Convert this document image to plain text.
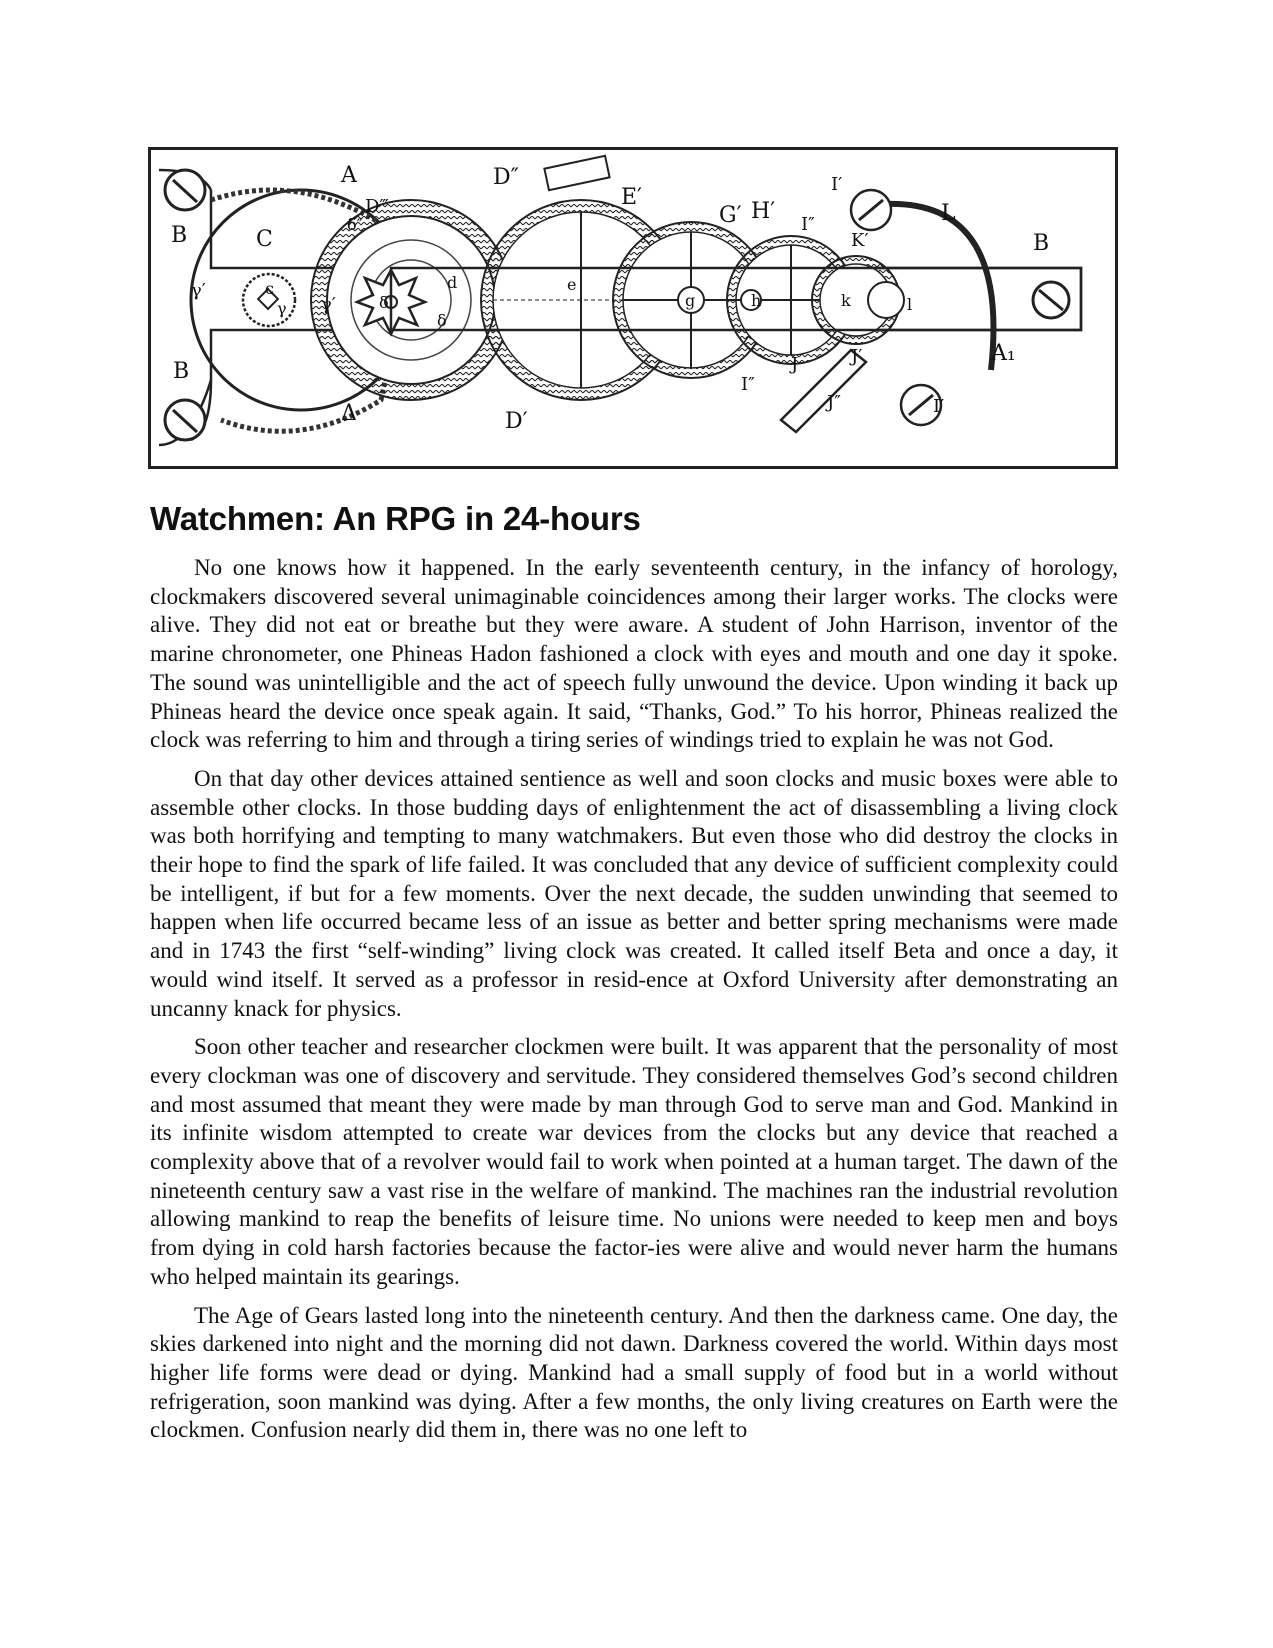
A
B
B
B
C
D″
D‴
D′
E′
G′ H′
I″
I′
I″
I′
K′
L
J	J′
J″
A₁
Δ
δ″
δ′
δ
γ′
γ′
γ
c	d	e
g	h	k	l
Watchmen: An RPG in 24-hours

No one knows how it happened. In the early seventeenth century, in the infancy of horology, clockmakers discovered several unimaginable coincidences among their larger works. The clocks were alive. They did not eat or breathe but they were aware. A student of John Harrison, inventor of the marine chronometer, one Phineas Hadon fashioned a clock with eyes and mouth and one day it spoke. The sound was unintelligible and the act of speech fully unwound the device. Upon winding it back up Phineas heard the device once speak again. It said, “Thanks, God.” To his horror, Phineas realized the clock was referring to him and through a tiring series of windings tried to explain he was not God.

On that day other devices attained sentience as well and soon clocks and music boxes were able to assemble other clocks. In those budding days of enlightenment the act of disassembling a living clock was both horrifying and tempting to many watchmakers. But even those who did destroy the clocks in their hope to find the spark of life failed. It was concluded that any device of sufficient complexity could be intelligent, if but for a few moments. Over the next decade, the sudden unwinding that seemed to happen when life occurred became less of an issue as better and better spring mechanisms were made and in 1743 the first “self-winding” living clock was created. It called itself Beta and once a day, it would wind itself. It served as a professor in resid-ence at Oxford University after demonstrating an uncanny knack for physics.

Soon other teacher and researcher clockmen were built. It was apparent that the personality of most every clockman was one of discovery and servitude. They considered themselves God’s second children and most assumed that meant they were made by man through God to serve man and God. Mankind in its infinite wisdom attempted to create war devices from the clocks but any device that reached a complexity above that of a revolver would fail to work when pointed at a human target. The dawn of the nineteenth century saw a vast rise in the welfare of mankind. The machines ran the industrial revolution allowing mankind to reap the benefits of leisure time. No unions were needed to keep men and boys from dying in cold harsh factories because the factor-ies were alive and would never harm the humans who helped maintain its gearings.

The Age of Gears lasted long into the nineteenth century. And then the darkness came. One day, the skies darkened into night and the morning did not dawn. Darkness covered the world. Within days most higher life forms were dead or dying. Mankind had a small supply of food but in a world without refrigeration, soon mankind was dying. After a few months, the only living creatures on Earth were the clockmen. Confusion nearly did them in, there was no one left to
